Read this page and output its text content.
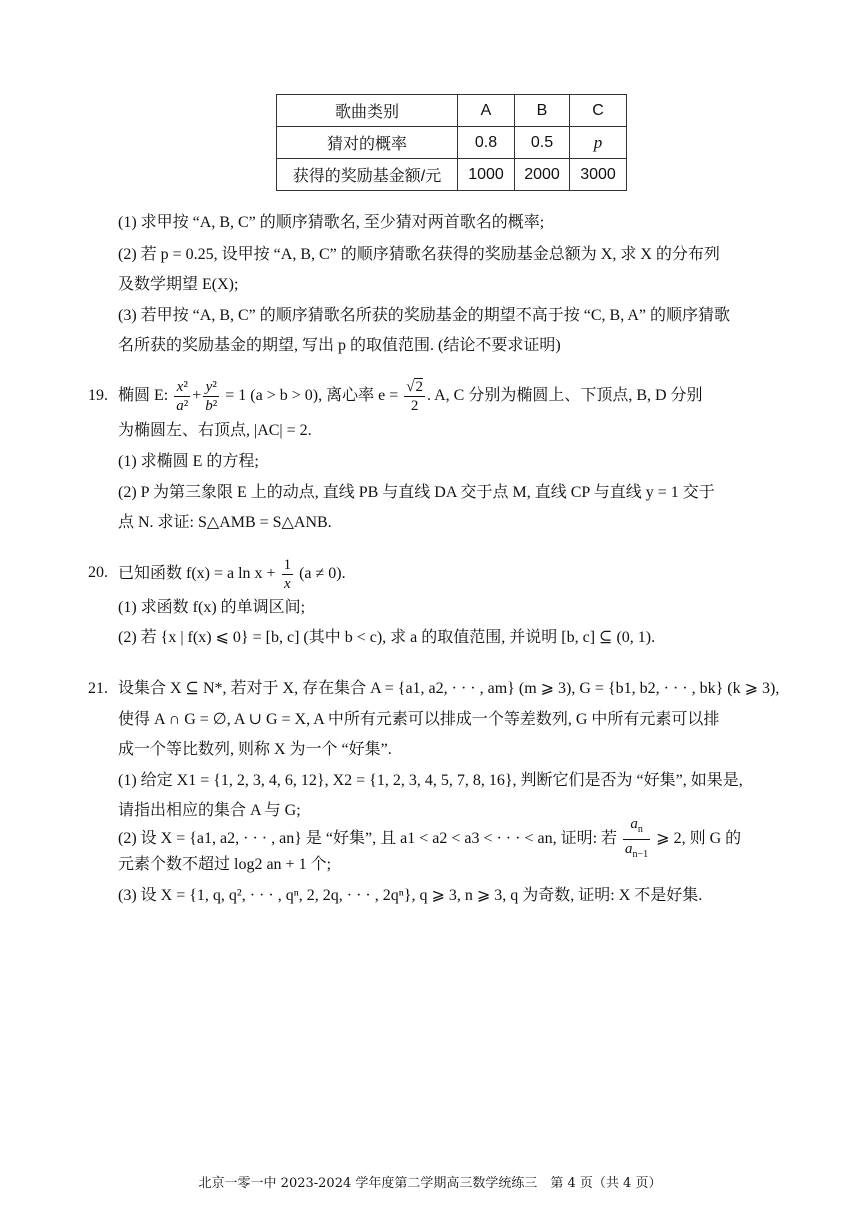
歌曲类别	A	B	C
猜对的概率	0.8	0.5	p
获得的奖励基金额/元	1000	2000	3000
(1) 求甲按 “A, B, C” 的顺序猜歌名, 至少猜对两首歌名的概率;
(2) 若 p = 0.25, 设甲按 “A, B, C” 的顺序猜歌名获得的奖励基金总额为 X, 求 X 的分布列
及数学期望 E(X);
(3) 若甲按 “A, B, C” 的顺序猜歌名所获的奖励基金的期望不高于按 “C, B, A” 的顺序猜歌
名所获的奖励基金的期望, 写出 p 的取值范围. (结论不要求证明)
19. 椭圆 E: $\frac{\text{x²}}{\text{a²}} + \frac{\text{y²}}{\text{b²}} = 1$ (a > b > 0), 离心率 $e = \frac{√2}{2}$ . A, C 分别为椭圆上、下顶点, B, D 分别
为椭圆左、右顶点, |AC| = 2.
(1) 求椭圆 E 的方程;
(2) P 为第三象限 E 上的动点, 直线 PB 与直线 DA 交于点 M, 直线 CP 与直线 y = 1 交于
点 N. 求证: S△AMB = S△ANB.
20. 已知函数 f(x) = a $\ln x + \frac{1}{x} (a \ne 0)$.
(1) 求函数 f(x) 的单调区间;
(2) 若 {x | f(x) ⩽ 0} = [b, c] (其中 b < c), 求 a 的取值范围, 并说明 [b, c] ⊆ (0, 1).
21. 设集合 X ⊆ N*, 若对于 X, 存在集合 A = {a1, a2, · · · , am} (m ⩾ 3), G = {b1, b2, · · · , bk} (k ⩾ 3),
使得 A ∩ G = ∅, A ∪ G = X, A 中所有元素可以排成一个等差数列, G 中所有元素可以排
成一个等比数列, 则称 X 为一个 “好集”.
(1) 给定 X1 = {1, 2, 3, 4, 6, 12}, X2 = {1, 2, 3, 4, 5, 7, 8, 16}, 判断它们是否为 “好集”, 如果是,
请指出相应的集合 A 与 G;
(2) 设 X = {a1, a2, · · · , an} 是 “好集”, 且 a1 < a2 < a3 < · · · < an, 证明: 若 $\frac{a_n}{a_{n-1}}$ ⩾ 2, 则 G 的
元素个数不超过 log2 an + 1 个;
(3) 设 X = {1, q, q², · · · , qⁿ, 2, 2q, · · · , 2qⁿ}, q ⩾ 3, n ⩾ 3, q 为奇数, 证明: X 不是好集.
北京一零一中 2023-2024 学年度第二学期高三数学统练三　第 4 页（共 4 页）
